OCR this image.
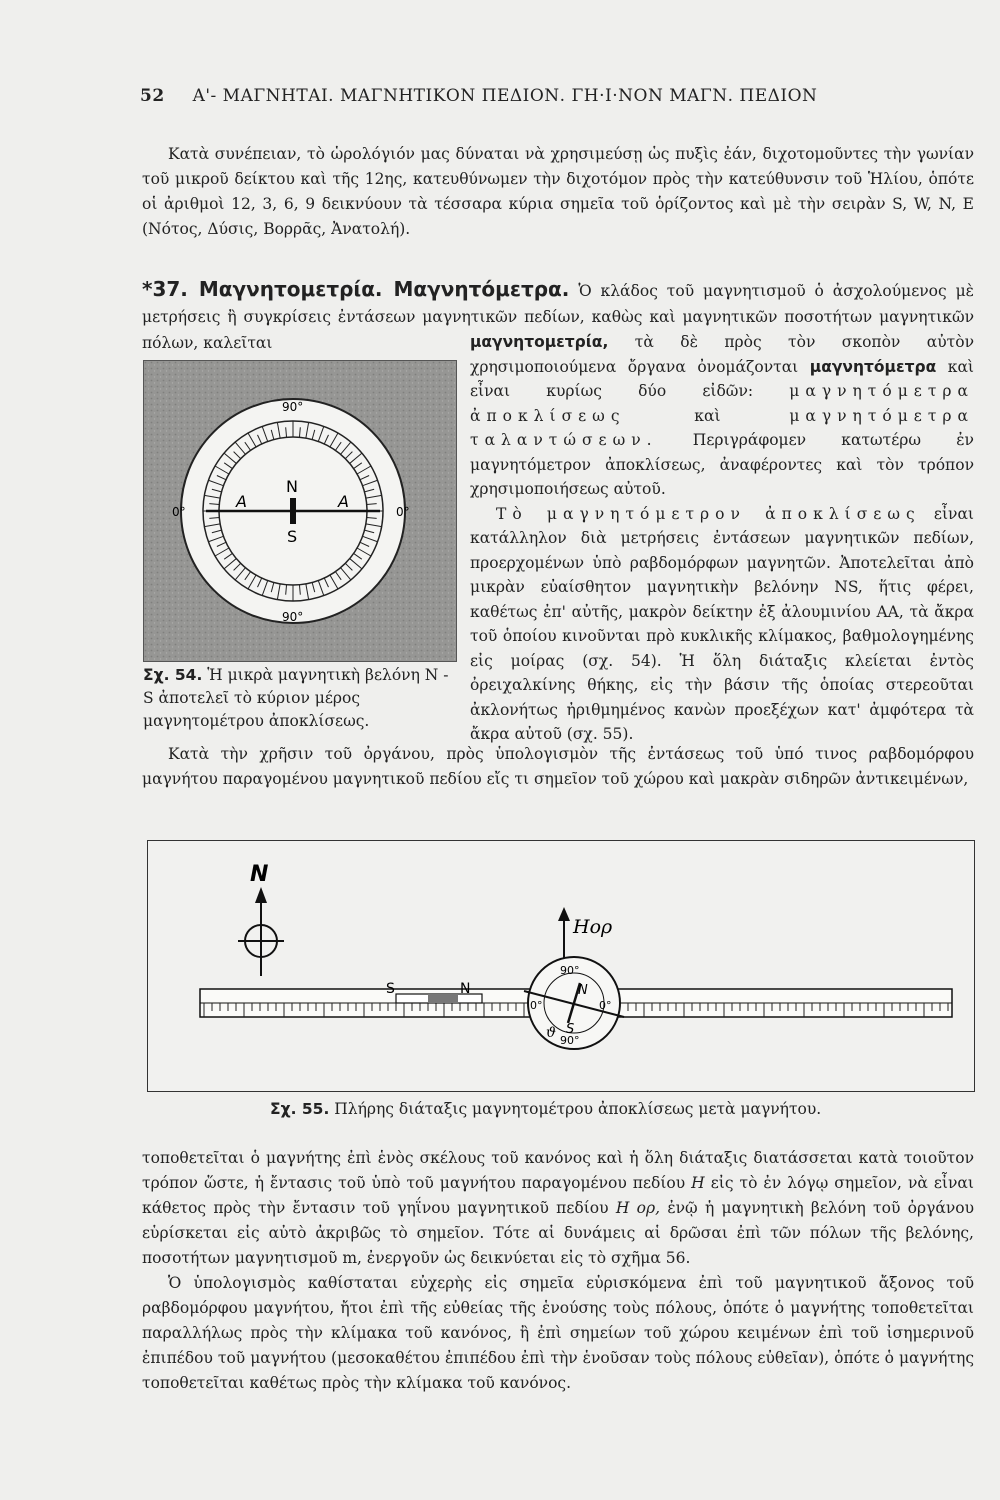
52 Α'- ΜΑΓΝΗΤΑΙ. ΜΑΓΝΗΤΙΚΟΝ ΠΕΔΙΟΝ. ΓΗ·Ι·ΝΟΝ ΜΑΓΝ. ΠΕΔΙΟΝ

Κατὰ συνέπειαν, τὸ ὡρολόγιόν μας δύναται νὰ χρησιμεύσῃ ὡς πυξὶς ἐάν, διχοτομοῦντες τὴν γωνίαν τοῦ μικροῦ δείκτου καὶ τῆς 12ης, κατευθύνωμεν τὴν διχοτόμον πρὸς τὴν κατεύθυνσιν τοῦ Ἡλίου, ὁπότε οἱ ἀριθμοὶ 12, 3, 6, 9 δεικνύουν τὰ τέσσαρα κύρια σημεῖα τοῦ ὁρίζοντος καὶ μὲ τὴν σειρὰν S, W, N, E (Νότος, Δύσις, Βορρᾶς, Ἀνατολή).

*37. Μαγνητομετρία. Μαγνητόμετρα. Ὁ κλάδος τοῦ μαγνητισμοῦ ὁ ἀσχολούμενος μὲ μετρήσεις ἢ συγκρίσεις ἐντάσεων μαγνητικῶν πεδίων, καθὼς καὶ μαγνητικῶν ποσοτήτων μαγνητικῶν πόλων, καλεῖται

90°
90°
0°	0°
N
S
A	A
Σχ. 54. Ἡ μικρὰ μαγνητικὴ βελόνη N - S ἀποτελεῖ τὸ κύριον μέρος μαγνητομέτρου ἀποκλίσεως.

μαγνητομετρία, τὰ δὲ πρὸς τὸν σκοπὸν αὐτὸν χρησιμοποιούμενα ὄργανα ὀνομάζονται μαγνητόμετρα καὶ εἶναι κυρίως δύο εἰδῶν: μαγνητόμετρα ἀποκλίσεως	καὶ	μαγνητόμετρα ταλαντώσεων. Περιγράφομεν κατωτέρω ἐν μαγνητόμετρον ἀποκλίσεως, ἀναφέροντες καὶ τὸν τρόπον χρησιμοποιήσεως αὐτοῦ.

Τὸ μαγνητόμετρον ἀποκλίσεως εἶναι κατάλληλον διὰ μετρήσεις ἐντάσεων μαγνητικῶν πεδίων, προερχομένων ὑπὸ ραβδομόρφων μαγνητῶν. Ἀποτελεῖται ἀπὸ μικρὰν εὐαίσθητον μαγνητικὴν βελόνην NS, ἥτις φέρει, καθέτως ἐπ' αὐτῆς, μακρὸν δείκτην ἐξ ἀλουμινίου AA, τὰ ἄκρα τοῦ ὁποίου κινοῦνται πρὸ κυκλικῆς κλίμακος, βαθμολογημένης εἰς μοίρας (σχ. 54). Ἡ ὅλη διάταξις κλείεται ἐντὸς ὀρειχαλκίνης θήκης, εἰς τὴν βάσιν τῆς ὁποίας στερεοῦται ἀκλονήτως ἠριθμημένος κανὼν προεξέχων κατ' ἀμφότερα τὰ ἄκρα αὐτοῦ (σχ. 55).

Κατὰ τὴν χρῆσιν τοῦ ὀργάνου, πρὸς ὑπολογισμὸν τῆς ἐντάσεως τοῦ ὑπό τινος ραβδομόρφου μαγνήτου παραγομένου μαγνητικοῦ πεδίου εἴς τι σημεῖον τοῦ χώρου καὶ μακρὰν σιδηρῶν ἀντικειμένων,

N
Hορ
S	N
90°
90°
0°	0°
N
S
ϑ
Σχ. 55. Πλήρης διάταξις μαγνητομέτρου ἀποκλίσεως μετὰ μαγνήτου.

τοποθετεῖται ὁ μαγνήτης ἐπὶ ἑνὸς σκέλους τοῦ κανόνος καὶ ἡ ὅλη διάταξις διατάσσεται κατὰ τοιοῦτον τρόπον ὥστε, ἡ ἔντασις τοῦ ὑπὸ τοῦ μαγνήτου παραγομένου πεδίου H εἰς τὸ ἐν λόγῳ σημεῖον, νὰ εἶναι κάθετος πρὸς τὴν ἔντασιν τοῦ γηΐνου μαγνητικοῦ πεδίου H ορ, ἐνῷ ἡ μαγνητικὴ βελόνη τοῦ ὀργάνου εὑρίσκεται εἰς αὐτὸ ἀκριβῶς τὸ σημεῖον. Τότε αἱ δυνάμεις αἱ δρῶσαι ἐπὶ τῶν πόλων τῆς βελόνης, ποσοτήτων μαγνητισμοῦ m, ἐνεργοῦν ὡς δεικνύεται εἰς τὸ σχῆμα 56.

Ὁ ὑπολογισμὸς καθίσταται εὐχερὴς εἰς σημεῖα εὑρισκόμενα ἐπὶ τοῦ μαγνητικοῦ ἄξονος τοῦ ραβδομόρφου μαγνήτου, ἤτοι ἐπὶ τῆς εὐθείας τῆς ἑνούσης τοὺς πόλους, ὁπότε ὁ μαγνήτης τοποθετεῖται παραλλήλως πρὸς τὴν κλίμακα τοῦ κανόνος, ἢ ἐπὶ σημείων τοῦ χώρου κειμένων ἐπὶ τοῦ ἰσημερινοῦ ἐπιπέδου τοῦ μαγνήτου (μεσοκαθέτου ἐπιπέδου ἐπὶ τὴν ἑνοῦσαν τοὺς πόλους εὐθεῖαν), ὁπότε ὁ μαγνήτης τοποθετεῖται καθέτως πρὸς τὴν κλίμακα τοῦ κανόνος.
